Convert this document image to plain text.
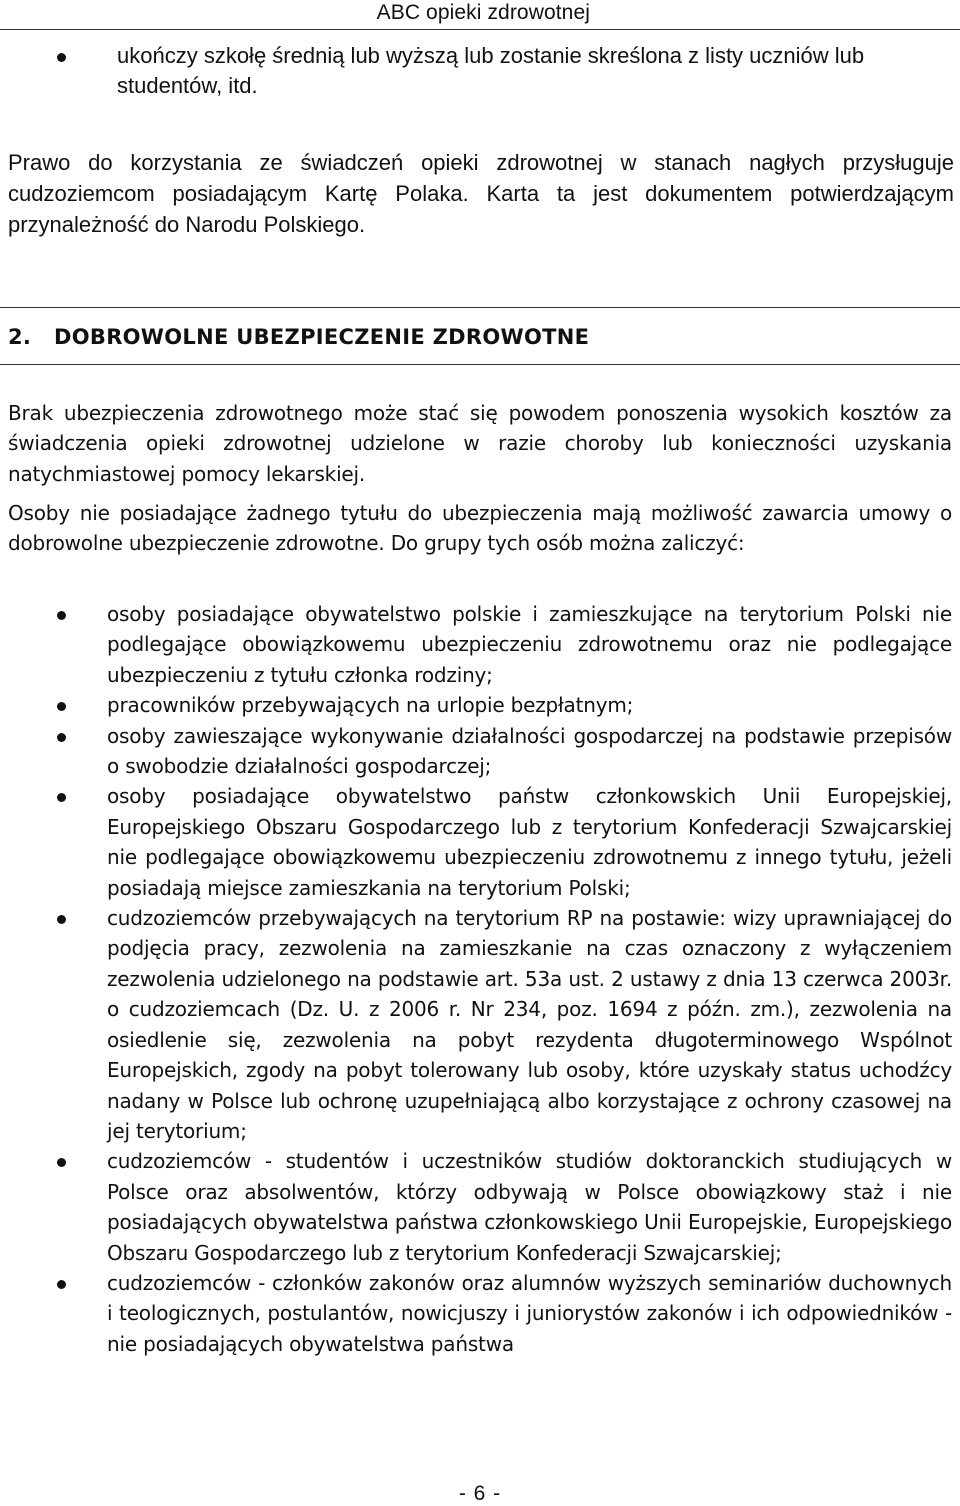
ABC opieki zdrowotnej
ukończy szkołę średnią lub wyższą lub zostanie skreślona z listy uczniów lub studentów, itd.
Prawo do korzystania ze świadczeń opieki zdrowotnej w stanach nagłych przysługuje cudzoziemcom posiadającym Kartę Polaka. Karta ta jest dokumentem potwierdzającym przynależność do Narodu Polskiego.
2. DOBROWOLNE UBEZPIECZENIE ZDROWOTNE
Brak ubezpieczenia zdrowotnego może stać się powodem ponoszenia wysokich kosztów za świadczenia opieki zdrowotnej udzielone w razie choroby lub konieczności uzyskania natychmiastowej pomocy lekarskiej.
Osoby nie posiadające żadnego tytułu do ubezpieczenia mają możliwość zawarcia umowy o dobrowolne ubezpieczenie zdrowotne. Do grupy tych osób można zaliczyć:
osoby posiadające obywatelstwo polskie i zamieszkujące na terytorium Polski nie podlegające obowiązkowemu ubezpieczeniu zdrowotnemu oraz nie podlegające ubezpieczeniu z tytułu członka rodziny;
pracowników przebywających na urlopie bezpłatnym;
osoby zawieszające wykonywanie działalności gospodarczej na podstawie przepisów o swobodzie działalności gospodarczej;
osoby posiadające obywatelstwo państw członkowskich Unii Europejskiej, Europejskiego Obszaru Gospodarczego lub z terytorium Konfederacji Szwajcarskiej nie podlegające obowiązkowemu ubezpieczeniu zdrowotnemu z innego tytułu, jeżeli posiadają miejsce zamieszkania na terytorium Polski;
cudzoziemców przebywających na terytorium RP na postawie: wizy uprawniającej do podjęcia pracy, zezwolenia na zamieszkanie na czas oznaczony z wyłączeniem zezwolenia udzielonego na podstawie art. 53a ust. 2 ustawy z dnia 13 czerwca 2003r. o cudzoziemcach (Dz. U. z 2006 r. Nr 234, poz. 1694 z późn. zm.), zezwolenia na osiedlenie się, zezwolenia na pobyt rezydenta długoterminowego Wspólnot Europejskich, zgody na pobyt tolerowany lub osoby, które uzyskały status uchodźcy nadany w Polsce lub ochronę uzupełniającą albo korzystające z ochrony czasowej na jej terytorium;
cudzoziemców - studentów i uczestników studiów doktoranckich studiujących w Polsce oraz absolwentów, którzy odbywają w Polsce obowiązkowy staż i nie posiadających obywatelstwa państwa członkowskiego Unii Europejskie, Europejskiego Obszaru Gospodarczego lub z terytorium Konfederacji Szwajcarskiej;
cudzoziemców - członków zakonów oraz alumnów wyższych seminariów duchownych i teologicznych, postulantów, nowicjuszy i juniorystów zakonów i ich odpowiedników - nie posiadających obywatelstwa państwa
- 6 -
